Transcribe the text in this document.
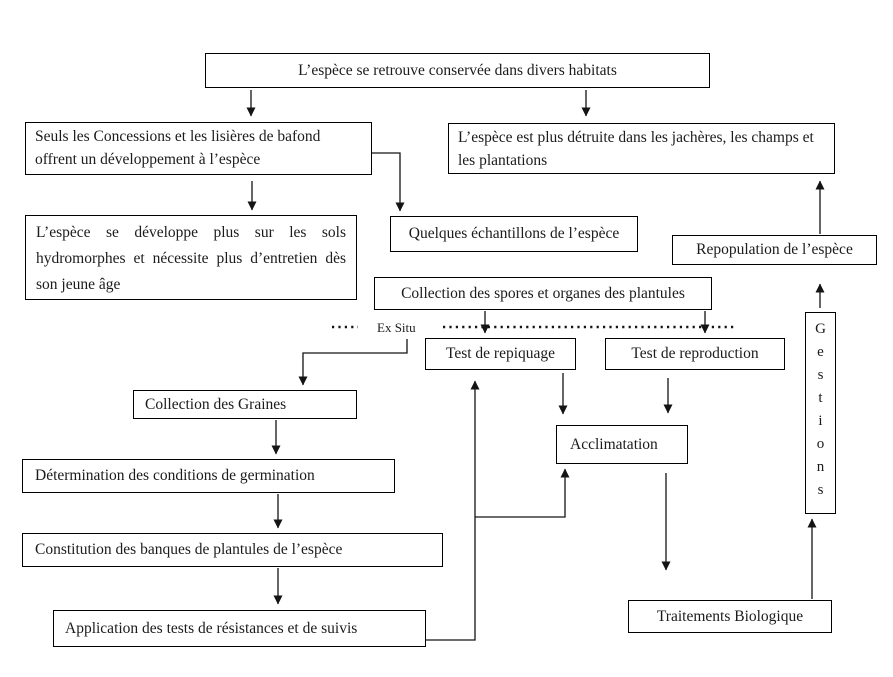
L’espèce se retrouve conservée dans divers habitats
Seuls les Concessions et les lisières de bafond offrent un développement à l’espèce
L’espèce est plus détruite dans les jachères, les champs et les plantations
L’espèce se développe plus sur les sols hydromorphes et nécessite plus d’entretien dès son jeune âge
Quelques échantillons de l’espèce
Repopulation de l’espèce
Collection des spores et organes des plantules
Ex Situ
Test de repiquage	Test de reproduction
Collection des Graines
Détermination des conditions de germination
Constitution des banques de plantules de l’espèce
Application des tests de résistances et de suivis
Acclimatation
Traitements Biologique
Gestions
